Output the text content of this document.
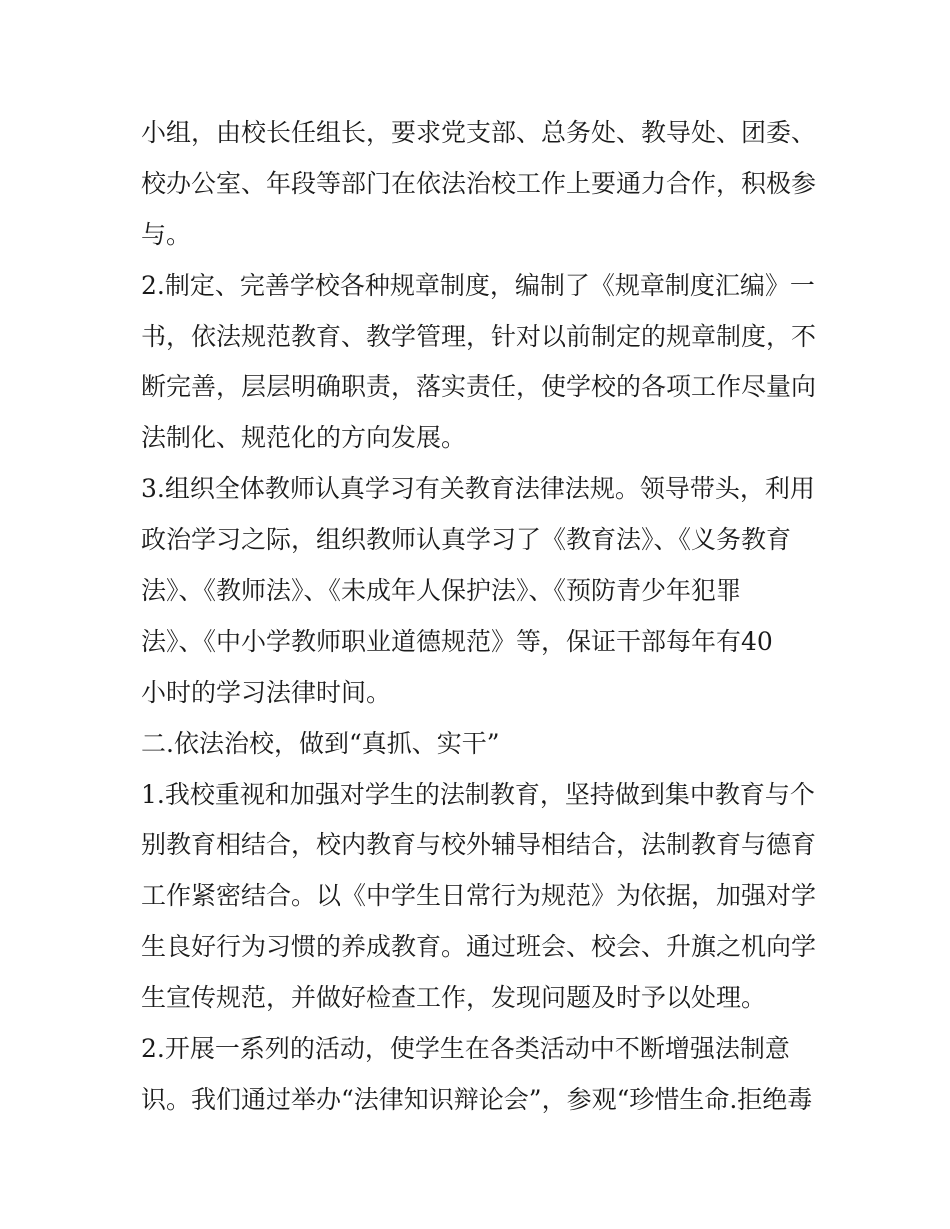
小组，由校长任组长，要求党支部、总务处、教导处、团委、
校办公室、年段等部门在依法治校工作上要通力合作，积极参
与。
2.制定、完善学校各种规章制度，编制了《规章制度汇编》一
书，依法规范教育、教学管理，针对以前制定的规章制度，不
断完善，层层明确职责，落实责任，使学校的各项工作尽量向
法制化、规范化的方向发展。
3.组织全体教师认真学习有关教育法律法规。领导带头，利用
政治学习之际，组织教师认真学习了《教育法》、《义务教育
法》、《教师法》、《未成年人保护法》、《预防青少年犯罪
法》、《中小学教师职业道德规范》等，保证干部每年有40
小时的学习法律时间。
二.依法治校，做到“真抓、实干”
1.我校重视和加强对学生的法制教育，坚持做到集中教育与个
别教育相结合，校内教育与校外辅导相结合，法制教育与德育
工作紧密结合。以《中学生日常行为规范》为依据，加强对学
生良好行为习惯的养成教育。通过班会、校会、升旗之机向学
生宣传规范，并做好检查工作，发现问题及时予以处理。
2.开展一系列的活动，使学生在各类活动中不断增强法制意
识。我们通过举办“法律知识辩论会”，参观“珍惜生命.拒绝毒
